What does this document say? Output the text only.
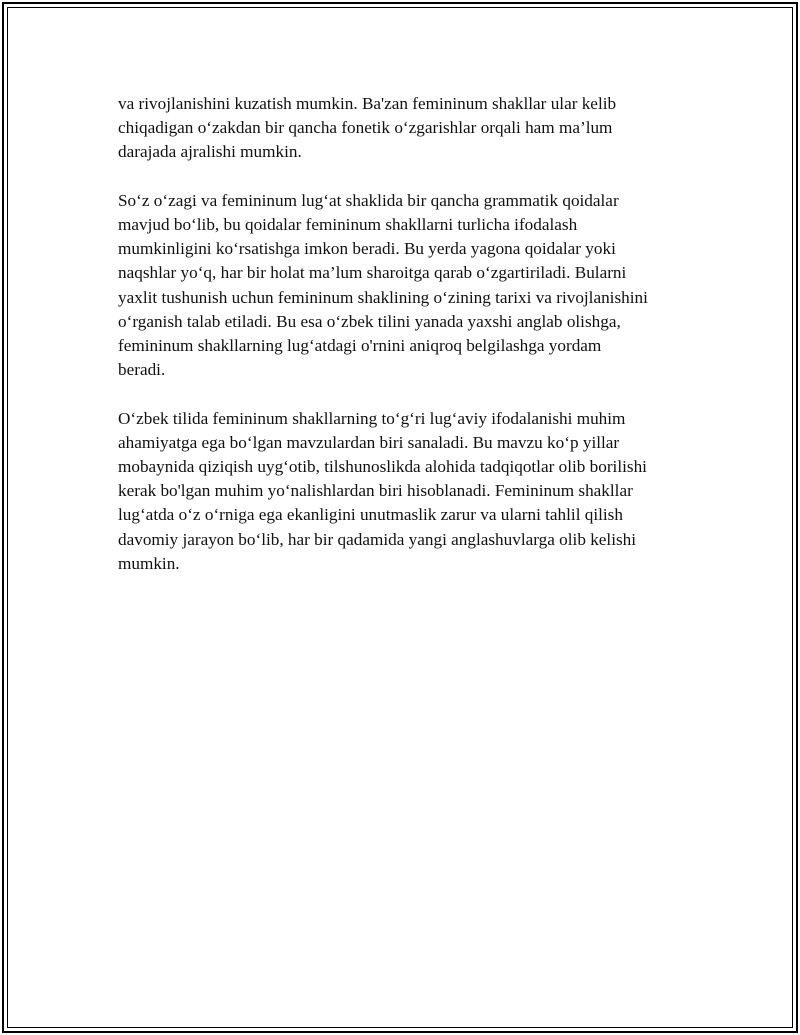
va rivojlanishini kuzatish mumkin. Ba'zan femininum shakllar ular kelib
chiqadigan o‘zakdan bir qancha fonetik o‘zgarishlar orqali ham ma’lum
darajada ajralishi mumkin.

So‘z o‘zagi va femininum lug‘at shaklida bir qancha grammatik qoidalar
mavjud bo‘lib, bu qoidalar femininum shakllarni turlicha ifodalash
mumkinligini ko‘rsatishga imkon beradi. Bu yerda yagona qoidalar yoki
naqshlar yo‘q, har bir holat ma’lum sharoitga qarab o‘zgartiriladi. Bularni
yaxlit tushunish uchun femininum shaklining o‘zining tarixi va rivojlanishini
o‘rganish talab etiladi. Bu esa o‘zbek tilini yanada yaxshi anglab olishga,
femininum shakllarning lug‘atdagi o'rnini aniqroq belgilashga yordam
beradi.

O‘zbek tilida femininum shakllarning to‘g‘ri lug‘aviy ifodalanishi muhim
ahamiyatga ega bo‘lgan mavzulardan biri sanaladi. Bu mavzu ko‘p yillar
mobaynida qiziqish uyg‘otib, tilshunoslikda alohida tadqiqotlar olib borilishi
kerak bo'lgan muhim yo‘nalishlardan biri hisoblanadi. Femininum shakllar
lug‘atda o‘z o‘rniga ega ekanligini unutmaslik zarur va ularni tahlil qilish
davomiy jarayon bo‘lib, har bir qadamida yangi anglashuvlarga olib kelishi
mumkin.
